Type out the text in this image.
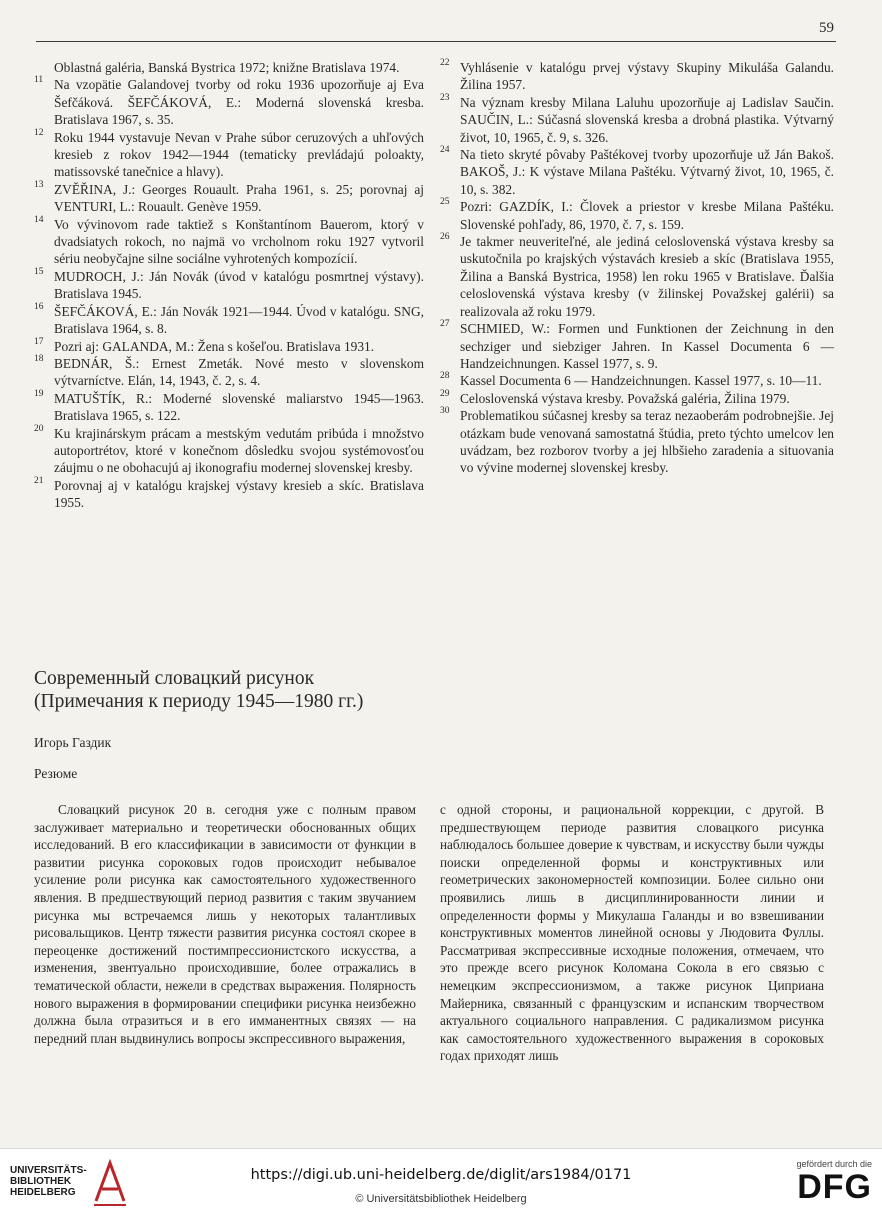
59
Oblastná galéria, Banská Bystrica 1972; knižne Bratislava 1974.
11 Na vzopätie Galandovej tvorby od roku 1936 upozorňuje aj Eva Šefčáková. ŠEFČÁKOVÁ, E.: Moderná slovenská kresba. Bratislava 1967, s. 35.
12 Roku 1944 vystavuje Nevan v Prahe súbor ceruzových a uhľových kresieb z rokov 1942—1944 (tematicky prevládajú poloakty, matissovské tanečnice a hlavy).
13 ZVĚŘINA, J.: Georges Rouault. Praha 1961, s. 25; porovnaj aj VENTURI, L.: Rouault. Genève 1959.
14 Vo vývinovom rade taktiež s Konštantínom Bauerom, ktorý v dvadsiatych rokoch, no najmä vo vrcholnom roku 1927 vytvoril sériu neobyčajne silne sociálne vyhrotených kompozícií.
15 MUDROCH, J.: Ján Novák (úvod v katalógu posmrtnej výstavy). Bratislava 1945.
16 ŠEFČÁKOVÁ, E.: Ján Novák 1921—1944. Úvod v katalógu. SNG, Bratislava 1964, s. 8.
17 Pozri aj: GALANDA, M.: Žena s košeľou. Bratislava 1931.
18 BEDNÁR, Š.: Ernest Zmeták. Nové mesto v slovenskom výtvarníctve. Elán, 14, 1943, č. 2, s. 4.
19 MATUŠTÍK, R.: Moderné slovenské maliarstvo 1945—1963. Bratislava 1965, s. 122.
20 Ku krajinárskym prácam a mestským vedutám pribúda i množstvo autoportrétov, ktoré v konečnom dôsledku svojou systémovosťou záujmu o ne obohacujú aj ikonografiu modernej slovenskej kresby.
21 Porovnaj aj v katalógu krajskej výstavy kresieb a skíc. Bratislava 1955.
22 Vyhlásenie v katalógu prvej výstavy Skupiny Mikuláša Galandu. Žilina 1957.
23 Na význam kresby Milana Laluhu upozorňuje aj Ladislav Saučin. SAUČIN, L.: Súčasná slovenská kresba a drobná plastika. Výtvarný život, 10, 1965, č. 9, s. 326.
24 Na tieto skryté pôvaby Paštékovej tvorby upozorňuje už Ján Bakoš. BAKOŠ, J.: K výstave Milana Paštéku. Výtvarný život, 10, 1965, č. 10, s. 382.
25 Pozri: GAZDÍK, I.: Človek a priestor v kresbe Milana Paštéku. Slovenské pohľady, 86, 1970, č. 7, s. 159.
26 Je takmer neuveriteľné, ale jediná celoslovenská výstava kresby sa uskutočnila po krajských výstavách kresieb a skíc (Bratislava 1955, Žilina a Banská Bystrica, 1958) len roku 1965 v Bratislave. Ďalšia celoslovenská výstava kresby (v žilinskej Považskej galérii) sa realizovala až roku 1979.
27 SCHMIED, W.: Formen und Funktionen der Zeichnung in den sechziger und siebziger Jahren. In Kassel Documenta 6 — Handzeichnungen. Kassel 1977, s. 9.
28 Kassel Documenta 6 — Handzeichnungen. Kassel 1977, s. 10—11.
29 Celoslovenská výstava kresby. Považská galéria, Žilina 1979.
30 Problematikou súčasnej kresby sa teraz nezaoberám podrobnejšie. Jej otázkam bude venovaná samostatná štúdia, preto týchto umelcov len uvádzam, bez rozborov tvorby a jej hlbšieho zaradenia a situovania vo vývine modernej slovenskej kresby.
Современный словацкий рисунок
(Примечания к периоду 1945—1980 гг.)
Игорь Газдик
Резюме
Словацкий рисунок 20 в. сегодня уже с полным правом заслуживает материально и теоретически обоснованных общих исследований. В его классификации в зависимости от функции в развитии рисунка сороковых годов происходит небывалое усиление роли рисунка как самостоятельного художественного явления. В предшествующий период развития с таким звучанием рисунка мы встречаемся лишь у некоторых талантливых рисовальщиков. Центр тяжести развития рисунка состоял скорее в переоценке достижений постимпрессионистского искусства, а изменения, звентуально происходившие, более отражались в тематической области, нежели в средствах выражения. Полярность нового выражения в формировании специфики рисунка неизбежно должна была отразиться и в его имманентных связях — на передний план выдвинулись вопросы экспрессивного выражения,
с одной стороны, и рациональной коррекции, с другой. В предшествующем периоде развития словацкого рисунка наблюдалось большее доверие к чувствам, и искусству были чужды поиски определенной формы и конструктивных или геометрических закономерностей композиции. Более сильно они проявились лишь в дисциплинированности линии и определенности формы у Микулаша Галанды и во взвешивании конструктивных моментов линейной основы у Людовита Фуллы. Рассматривая экспрессивные исходные положения, отмечаем, что это прежде всего рисунок Коломана Сокола в его связью с немецким экспрессионизмом, а также рисунок Циприана Майерника, связанный с французским и испанским творчеством актуального социального направления. С радикализмом рисунка как самостоятельного художественного выражения в сороковых годах приходят лишь
UNIVERSITÄTS-
BIBLIOTHEK
HEIDELBERG
https://digi.ub.uni-heidelberg.de/diglit/ars1984/0171
© Universitätsbibliothek Heidelberg
gefördert durch die
DFG
